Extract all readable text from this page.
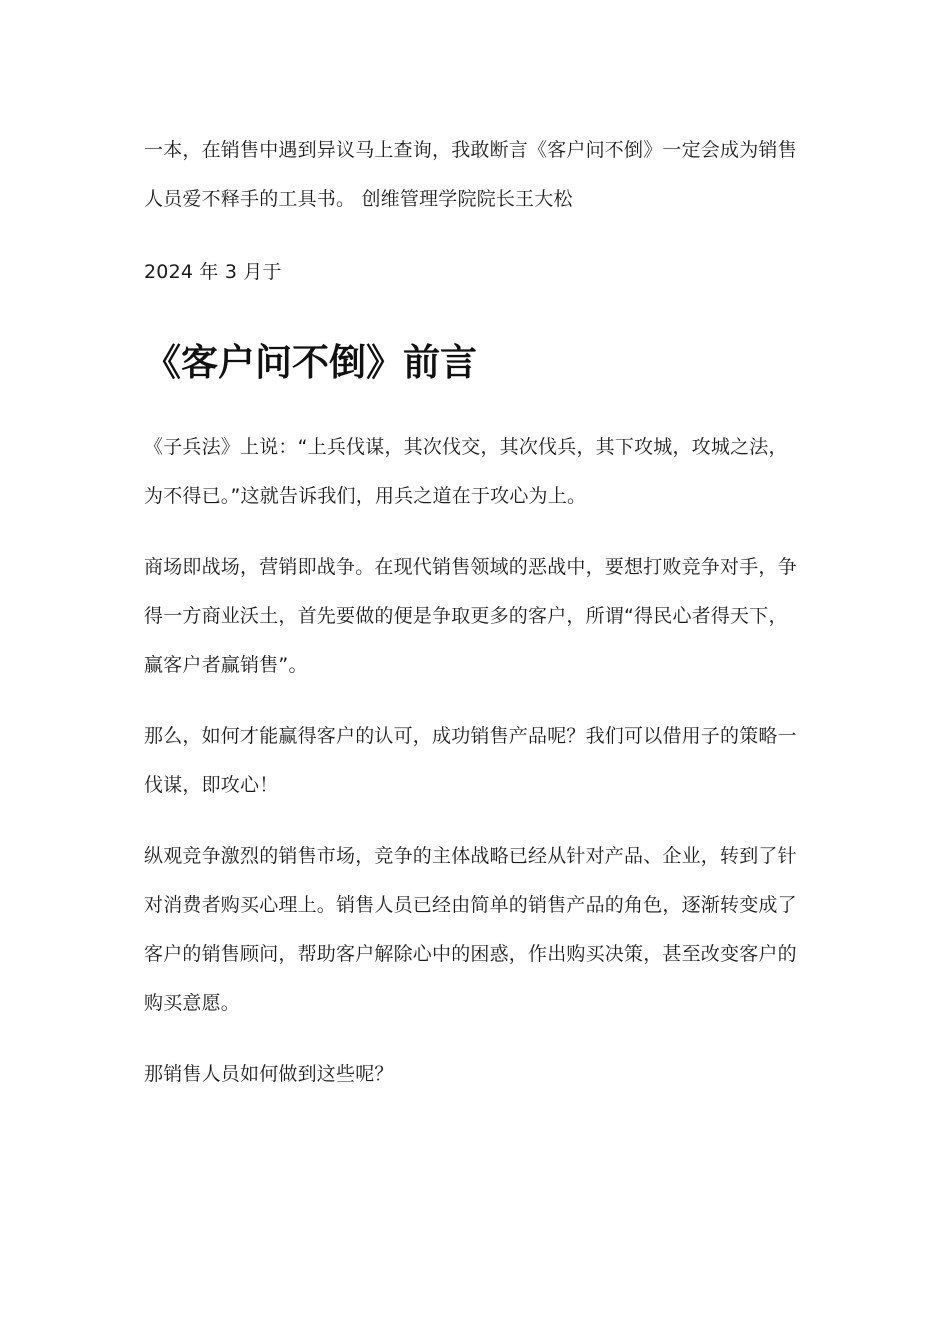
一本，在销售中遇到异议马上查询，我敢断言《客户问不倒》一定会成为销售

人员爱不释手的工具书。 创维管理学院院长王大松

2024 年 3 月于

《客户问不倒》前言

《子兵法》上说：“上兵伐谋，其次伐交，其次伐兵，其下攻城，攻城之法，

为不得已。”这就告诉我们，用兵之道在于攻心为上。

商场即战场，营销即战争。在现代销售领域的恶战中，要想打败竞争对手，争

得一方商业沃土，首先要做的便是争取更多的客户，所谓“得民心者得天下，

赢客户者赢销售”。

那么，如何才能赢得客户的认可，成功销售产品呢？我们可以借用子的策略一

伐谋，即攻心！

纵观竞争激烈的销售市场，竞争的主体战略已经从针对产品、企业，转到了针

对消费者购买心理上。销售人员已经由简单的销售产品的角色，逐渐转变成了

客户的销售顾问，帮助客户解除心中的困惑，作出购买决策，甚至改变客户的

购买意愿。

那销售人员如何做到这些呢？
